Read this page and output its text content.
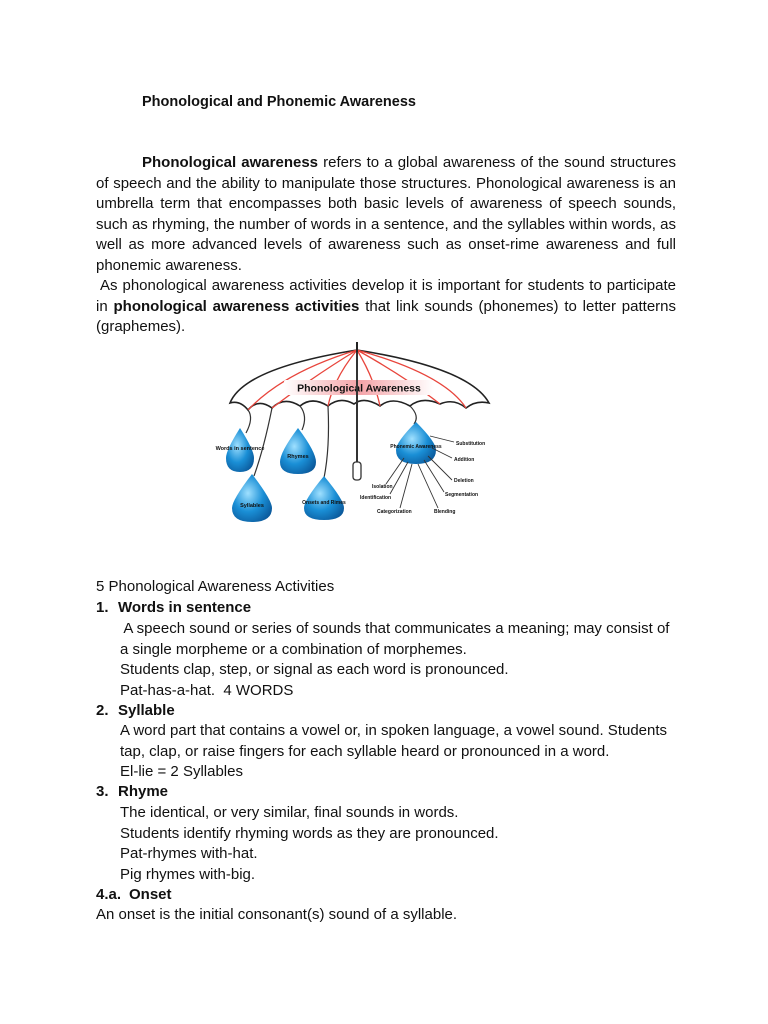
Phonological and Phonemic Awareness
Phonological awareness refers to a global awareness of the sound structures of speech and the ability to manipulate those structures. Phonological awareness is an umbrella term that encompasses both basic levels of awareness of speech sounds, such as rhyming, the number of words in a sentence, and the syllables within words, as well as more advanced levels of awareness such as onset-rime awareness and full phonemic awareness.
As phonological awareness activities develop it is important for students to participate in phonological awareness activities that link sounds (phonemes) to letter patterns (graphemes).
Phonological Awareness
Words in sentence
Rhymes
Syllables	Onsets and Rimes
Phonemic Awareness	Substitution
Addition
Deletion
Segmentation
Blending
Categorization
Identification
Isolation
5 Phonological Awareness Activities
1. Words in sentence
A speech sound or series of sounds that communicates a meaning; may consist of
a single morpheme or a combination of morphemes.
Students clap, step, or signal as each word is pronounced.
Pat-has-a-hat.  4 WORDS
2. Syllable
A word part that contains a vowel or, in spoken language, a vowel sound. Students
tap, clap, or raise fingers for each syllable heard or pronounced in a word.
El-lie = 2 Syllables
3. Rhyme
The identical, or very similar, final sounds in words.
Students identify rhyming words as they are pronounced.
Pat-rhymes with-hat.
Pig rhymes with-big.
4.a. Onset
An onset is the initial consonant(s) sound of a syllable.
